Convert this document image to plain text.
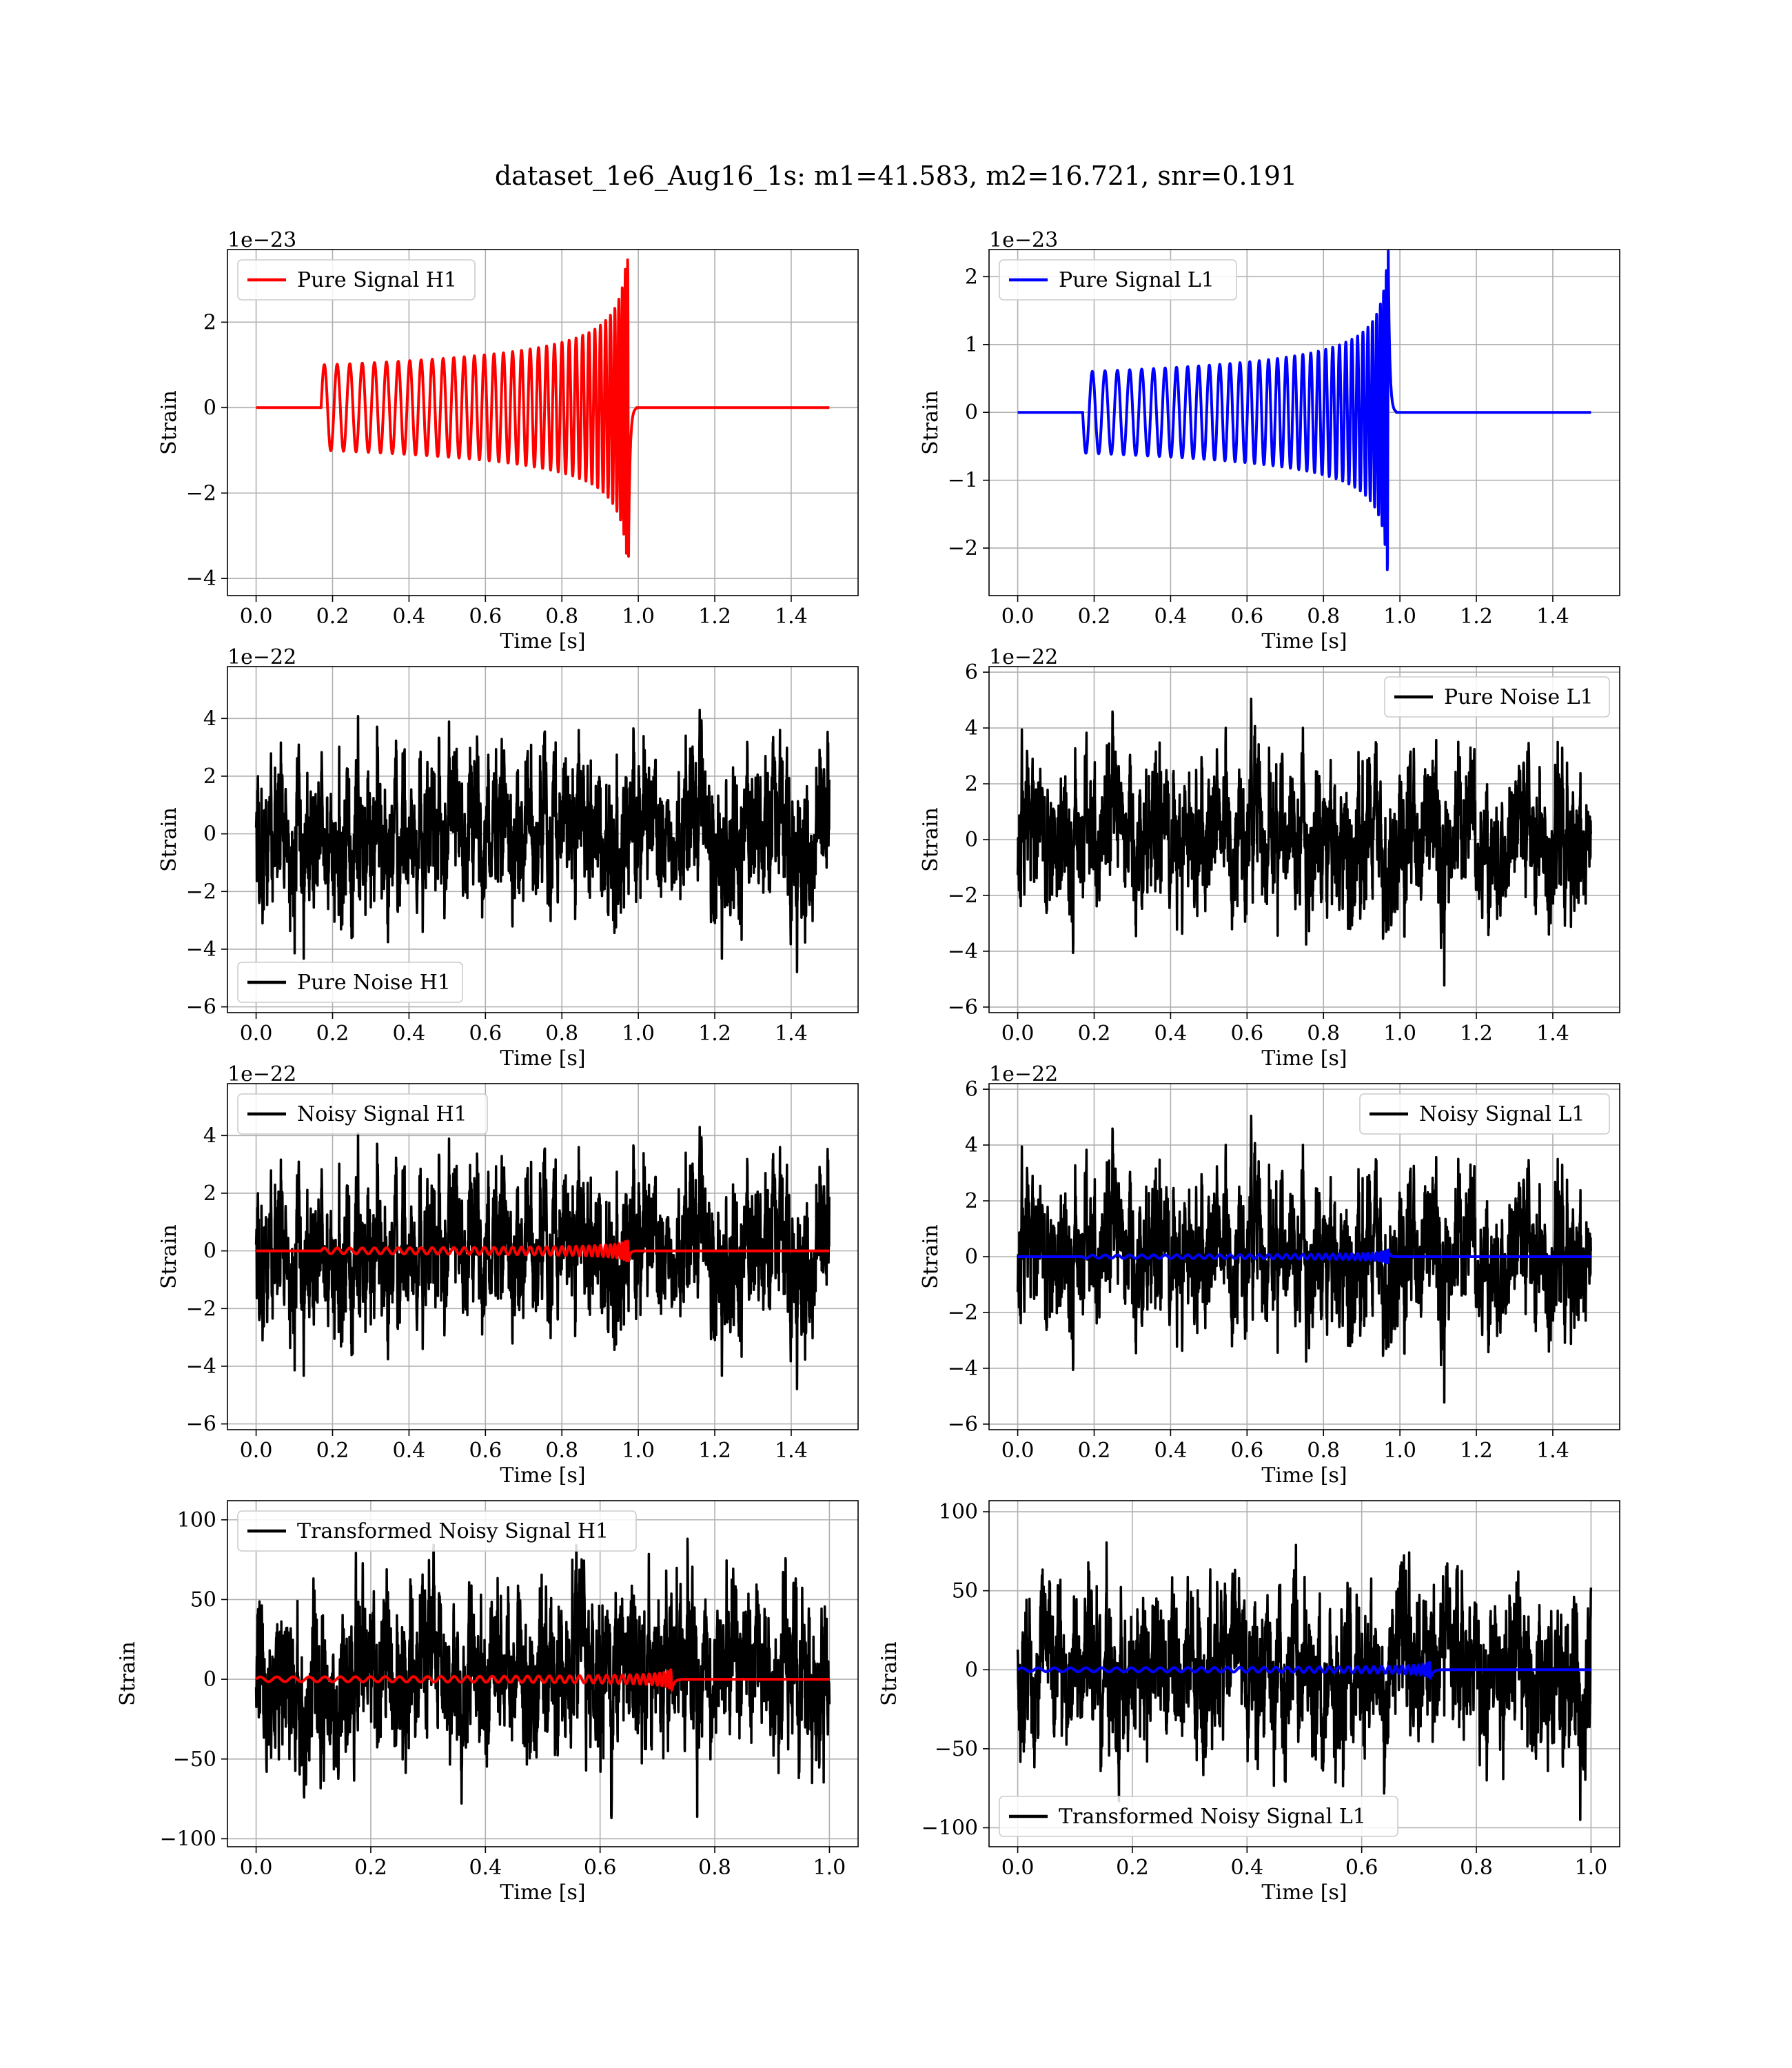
dataset_1e6_Aug16_1s: m1=41.583, m2=16.721, snr=0.191
0.0 0.2 0.4 0.6 0.8 1.0 1.2 1.4
−4
−2
0
2
Time [s]
Strain
1e−23
Pure Signal H1
0.0 0.2 0.4 0.6 0.8 1.0 1.2 1.4
−2
−1
0
1
2
Time [s]
Strain
1e−23
Pure Signal L1
0.0 0.2 0.4 0.6 0.8 1.0 1.2 1.4
−6
−4
−2
0
2
4
Time [s]
Strain
1e−22
Pure Noise H1
0.0 0.2 0.4 0.6 0.8 1.0 1.2 1.4
−6
−4
−2
0
2
4
6
Time [s]
Strain
1e−22
Pure Noise L1
0.0 0.2 0.4 0.6 0.8 1.0 1.2 1.4
−6
−4
−2
0
2
4
Time [s]
Strain
1e−22
Noisy Signal H1
0.0 0.2 0.4 0.6 0.8 1.0 1.2 1.4
−6
−4
−2
0
2
4
6
Time [s]
Strain
1e−22
Noisy Signal L1
0.0	0.2	0.4	0.6	0.8	1.0
−100
−50
0
50
100
Time [s]
Strain
Transformed Noisy Signal H1
0.0	0.2	0.4	0.6	0.8	1.0
−100
−50
0
50
100
Time [s]
Strain
Transformed Noisy Signal L1
